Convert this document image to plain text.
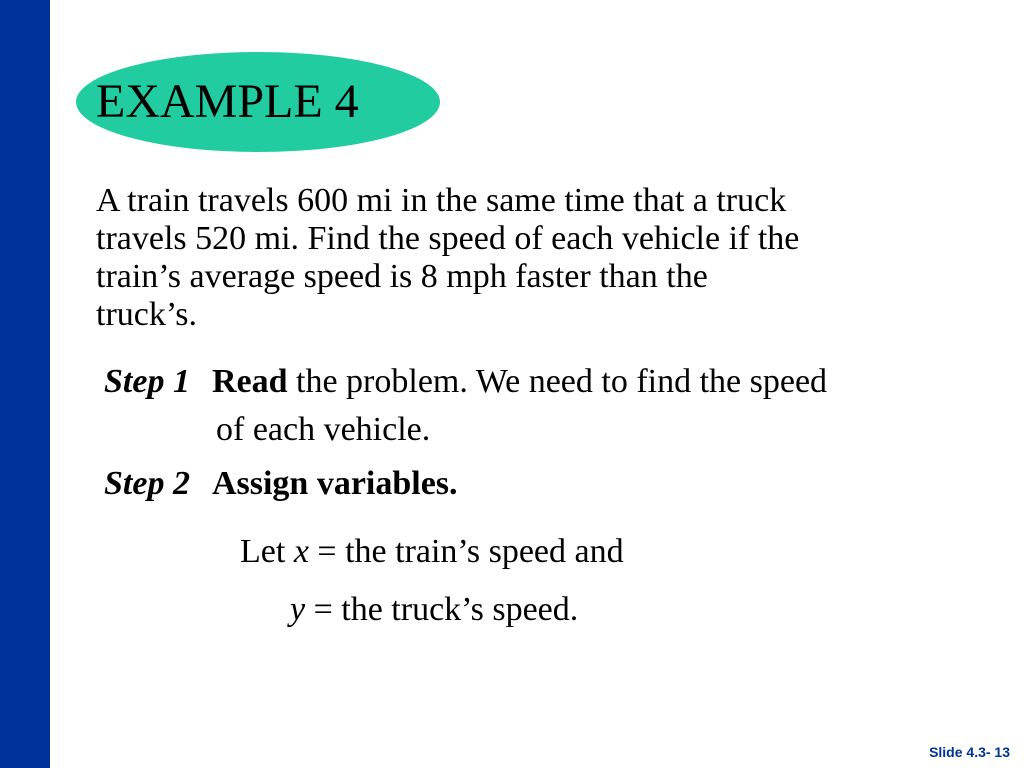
EXAMPLE 4
A train travels 600 mi in the same time that a truck
travels 520 mi. Find the speed of each vehicle if the
train’s average speed is 8 mph faster than the
truck’s.
Step 1 Read the problem. We need to find the speed
of each vehicle.
Step 2 Assign variables.
Let x = the train’s speed and
y = the truck’s speed.
Slide 4.3- 13
